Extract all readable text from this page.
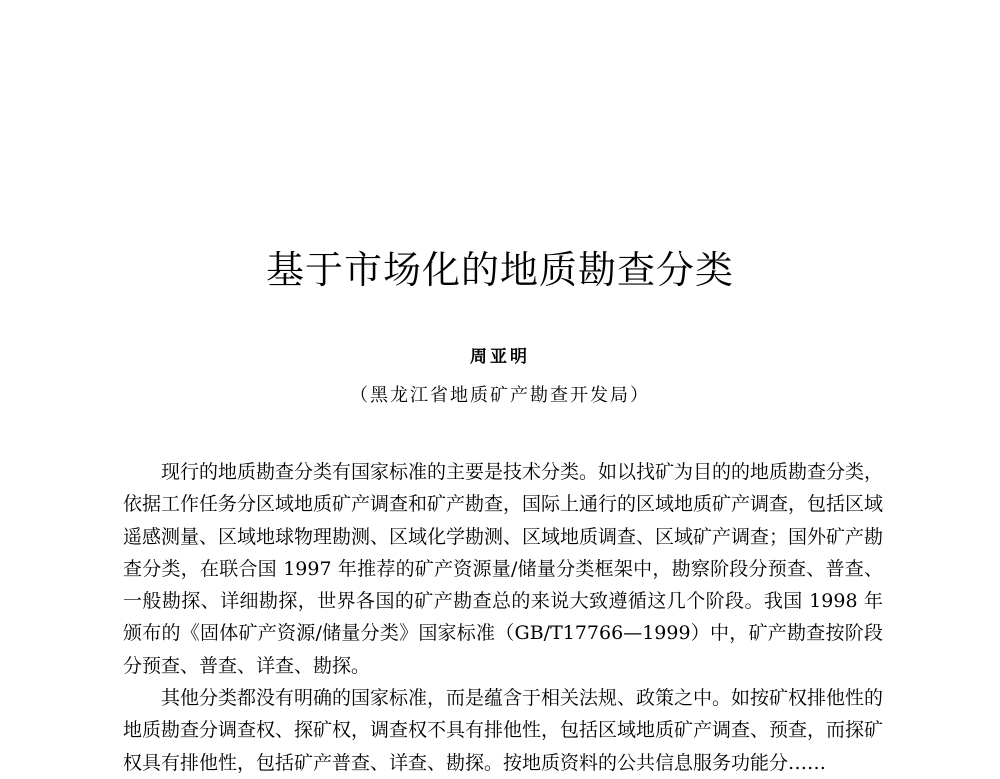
基于市场化的地质勘查分类
周亚明
（黑龙江省地质矿产勘查开发局）

现行的地质勘查分类有国家标准的主要是技术分类。如以找矿为目的的地质勘查分类，依据工作任务分区域地质矿产调查和矿产勘查，国际上通行的区域地质矿产调查，包括区域遥感测量、区域地球物理勘测、区域化学勘测、区域地质调查、区域矿产调查；国外矿产勘查分类，在联合国 1997 年推荐的矿产资源量/储量分类框架中，勘察阶段分预查、普查、一般勘探、详细勘探，世界各国的矿产勘查总的来说大致遵循这几个阶段。我国 1998 年颁布的《固体矿产资源/储量分类》国家标准（GB/T17766—1999）中，矿产勘查按阶段分预查、普查、详查、勘探。

其他分类都没有明确的国家标准，而是蕴含于相关法规、政策之中。如按矿权排他性的地质勘查分调查权、探矿权，调查权不具有排他性，包括区域地质矿产调查、预查，而探矿权具有排他性，包括矿产普查、详查、勘探。按地质资料的公共信息服务功能分……
